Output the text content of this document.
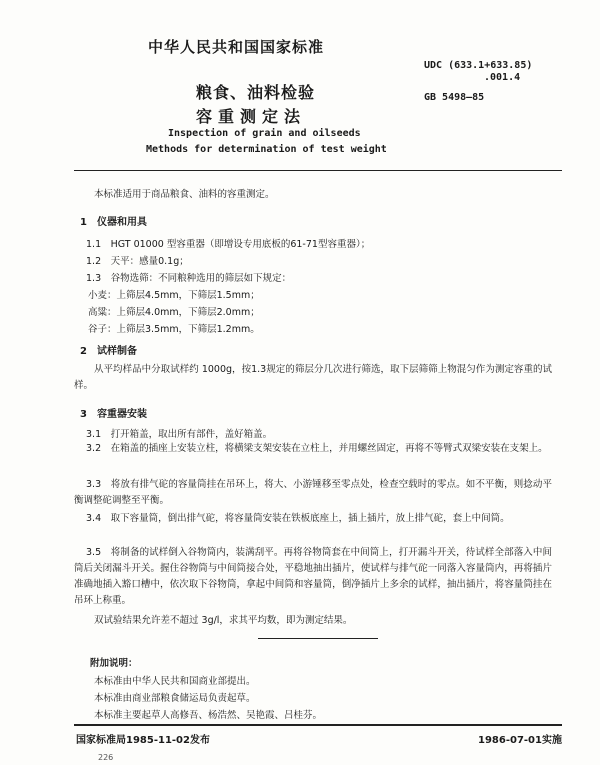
中华人民共和国国家标准
UDC (633.1+633.85)
.001.4
GB 5498—85
粮食、油料检验
容重测定法
Inspection of grain and oilseeds
Methods for determination of test weight
本标准适用于商品粮食、油料的容重测定。
1　仪器和用具
1.1　HGT 01000 型容重器（即增设专用底板的61-71型容重器）；
1.2　天平：感量0.1g；
1.3　谷物选筛：不同粮种选用的筛层如下规定：
小麦：上筛层4.5mm，下筛层1.5mm；
高粱：上筛层4.0mm，下筛层2.0mm；
谷子：上筛层3.5mm，下筛层1.2mm。
2　试样制备
从平均样品中分取试样约 1000g，按1.3规定的筛层分几次进行筛选，取下层筛筛上物混匀作为测定容重的试样。
3　容重器安装
3.1　打开箱盖，取出所有部件，盖好箱盖。
3.2　在箱盖的插座上安装立柱，将横梁支架安装在立柱上，并用螺丝固定，再将不等臂式双梁安装在支架上。
3.3　将放有排气砣的容量筒挂在吊环上，将大、小游锤移至零点处，检查空载时的零点。如不平衡，则捻动平衡调整砣调整至平衡。
3.4　取下容量筒，倒出排气砣，将容量筒安装在铁板底座上，插上插片，放上排气砣，套上中间筒。
3.5　将制备的试样倒入谷物筒内，装满刮平。再将谷物筒套在中间筒上，打开漏斗开关，待试样全部落入中间筒后关闭漏斗开关。握住谷物筒与中间筒接合处，平稳地抽出插片，使试样与排气砣一同落入容量筒内，再将插片准确地插入豁口槽中，依次取下谷物筒，拿起中间筒和容量筒，倒净插片上多余的试样，抽出插片，将容量筒挂在吊环上称重。
双试验结果允许差不超过 3g/l，求其平均数，即为测定结果。
附加说明：
本标准由中华人民共和国商业部提出。
本标准由商业部粮食储运局负责起草。
本标准主要起草人高修吾、杨浩然、吴艳霞、吕桂芬。
国家标准局1985-11-02发布	1986-07-01实施
226
